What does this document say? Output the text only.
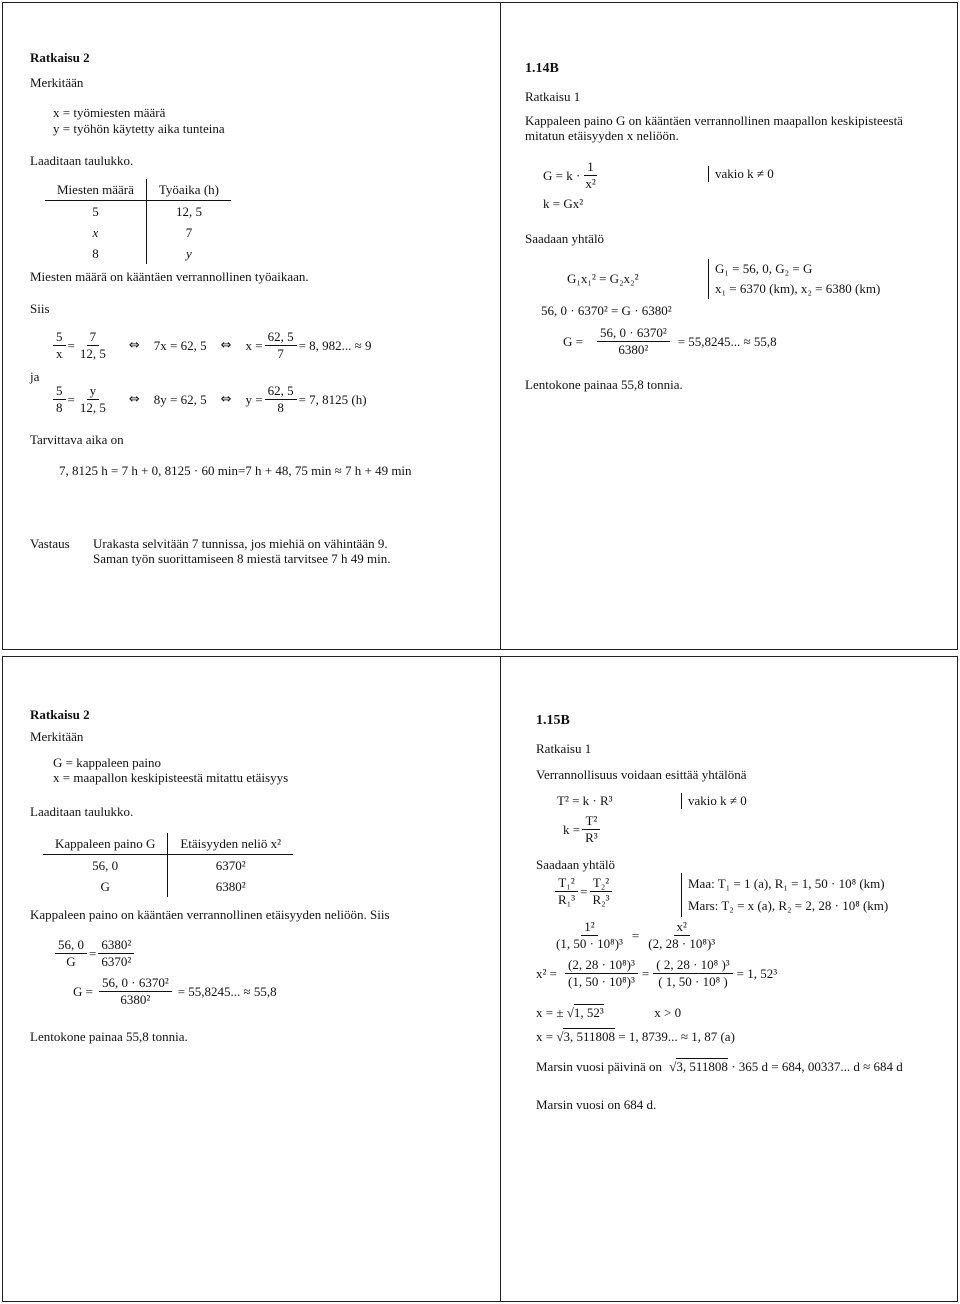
Ratkaisu 2
Merkitään
x = työmiesten määrä
y = työhön käytetty aika tunteina
Laaditaan taulukko.
Miesten määrä	Työaika (h)
5	12, 5
x	7
8	y
Miesten määrä on kääntäen verrannollinen työaikaan.
Siis
$\frac{5}{x} = \frac{7}{12, 5}$ ⇔ 7x = 62, 5 ⇔ $x = \frac{62, 5}{7} = 8$, 982... ≈ 9
ja
$\frac{5}{8} = \frac{y}{12, 5}$ ⇔ 8y = 62, 5 ⇔ $y = \frac{62, 5}{8} = 7$, 8125 (h)
Tarvittava aika on
7, 8125 h = 7 h + 0, 8125 · 60 min=7 h + 48, 75 min ≈ 7 h + 49 min
Vastaus Urakasta selvitään 7 tunnissa, jos miehiä on vähintään 9.
Saman työn suorittamiseen 8 miestä tarvitsee 7 h 49 min.
1.14B
Ratkaisu 1
Kappaleen paino G on kääntäen verrannollinen maapallon keskipisteestä
mitatun etäisyyden x neliöön.
$G = k \cdot \frac{1}{\text{x²}}$	vakio k ≠ 0
k = Gx²
Saadaan yhtälö
G₁x₁² = G₂x₂²
G₁ = 56, 0, G₂ = G
x₁ = 6370 (km), x₂ = 6380 (km)
56, 0 · 6370² = G · 6380²
$G = \frac{\text{56, 0 · 6370²}}{\text{6380²}} = 55,8245$... ≈ 55,8
Lentokone painaa 55,8 tonnia.
Ratkaisu 2
Merkitään
G = kappaleen paino
x = maapallon keskipisteestä mitattu etäisyys
Laaditaan taulukko.
Kappaleen paino G	Etäisyyden neliö x²
56, 0	6370²
G	6380²
Kappaleen paino on kääntäen verrannollinen etäisyyden neliöön. Siis
$\frac{56, 0}{G} = \frac{\text{6380²}}{\text{6370²}}$
$G = \frac{\text{56, 0 · 6370²}}{\text{6380²}} = 55,8245$... ≈ 55,8
Lentokone painaa 55,8 tonnia.
1.15B
Ratkaisu 1
Verrannollisuus voidaan esittää yhtälönä
T² = k · R³	vakio k ≠ 0
$k = \frac{\text{T²}}{\text{R³}}$
Saadaan yhtälö
$\frac{\text{T₁²}}{\text{R₁³}} = \frac{\text{T₂²}}{\text{R₂³}}$	Maa: T₁ = 1 (a), R₁ = 1, 50 · 10⁸ (km)
Mars: T₂ = x (a), R₂ = 2, 28 · 10⁸ (km)
$\frac{\text{1²}}{\text{(1, 50 · 10⁸)³}} = \frac{\text{x²}}{\text{(2, 28 · 10⁸)³}}$
$x^2 = \frac{\text{(2, 28 · 10⁸)³}}{\text{(1, 50 · 10⁸)³}} = \frac{\text{( 2, 28 · 10⁸ )³}}{\text{( 1, 50 · 10⁸ )}} = 1$, 52³
x = ± √1, 52³	x > 0
x = √3, 511808 = 1, 8739... ≈ 1, 87 (a)
Marsin vuosi päivinä on √3, 511808 · 365 d = 684, 00337... d ≈ 684 d
Marsin vuosi on 684 d.
